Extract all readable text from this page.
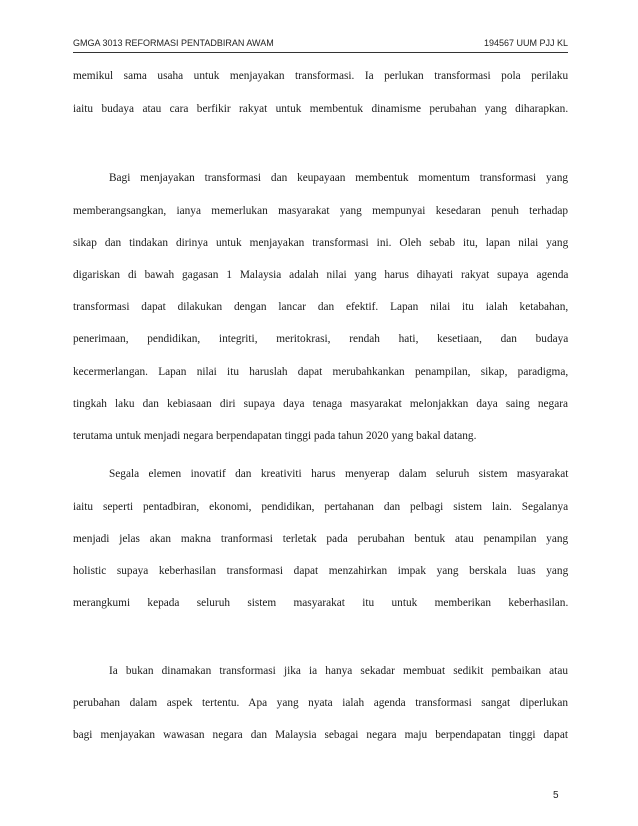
GMGA 3013 REFORMASI PENTADBIRAN AWAM	194567 UUM PJJ KL
memikul sama usaha untuk menjayakan transformasi. Ia perlukan transformasi pola perilaku
iaitu budaya atau cara berfikir rakyat untuk membentuk dinamisme perubahan yang diharapkan.
Bagi menjayakan transformasi dan keupayaan membentuk momentum transformasi yang
memberangsangkan, ianya memerlukan masyarakat yang mempunyai kesedaran penuh terhadap
sikap dan tindakan dirinya untuk menjayakan transformasi ini. Oleh sebab itu, lapan nilai yang
digariskan di bawah gagasan 1 Malaysia adalah nilai yang harus dihayati rakyat supaya agenda
transformasi dapat dilakukan dengan lancar dan efektif. Lapan nilai itu ialah ketabahan,
penerimaan, pendidikan, integriti, meritokrasi, rendah hati, kesetiaan, dan budaya
kecermerlangan. Lapan nilai itu haruslah dapat merubahkankan penampilan, sikap, paradigma,
tingkah laku dan kebiasaan diri supaya daya tenaga masyarakat melonjakkan daya saing negara
terutama untuk menjadi negara berpendapatan tinggi pada tahun 2020 yang bakal datang.
Segala elemen inovatif dan kreativiti harus menyerap dalam seluruh sistem masyarakat
iaitu seperti pentadbiran, ekonomi, pendidikan, pertahanan dan pelbagi sistem lain. Segalanya
menjadi jelas akan makna tranformasi terletak pada perubahan bentuk atau penampilan yang
holistic supaya keberhasilan transformasi dapat menzahirkan impak yang berskala luas yang
merangkumi kepada seluruh sistem masyarakat itu untuk memberikan keberhasilan.
Ia bukan dinamakan transformasi jika ia hanya sekadar membuat sedikit pembaikan atau
perubahan dalam aspek tertentu. Apa yang nyata ialah agenda transformasi sangat diperlukan
bagi menjayakan wawasan negara dan Malaysia sebagai negara maju berpendapatan tinggi dapat
5
